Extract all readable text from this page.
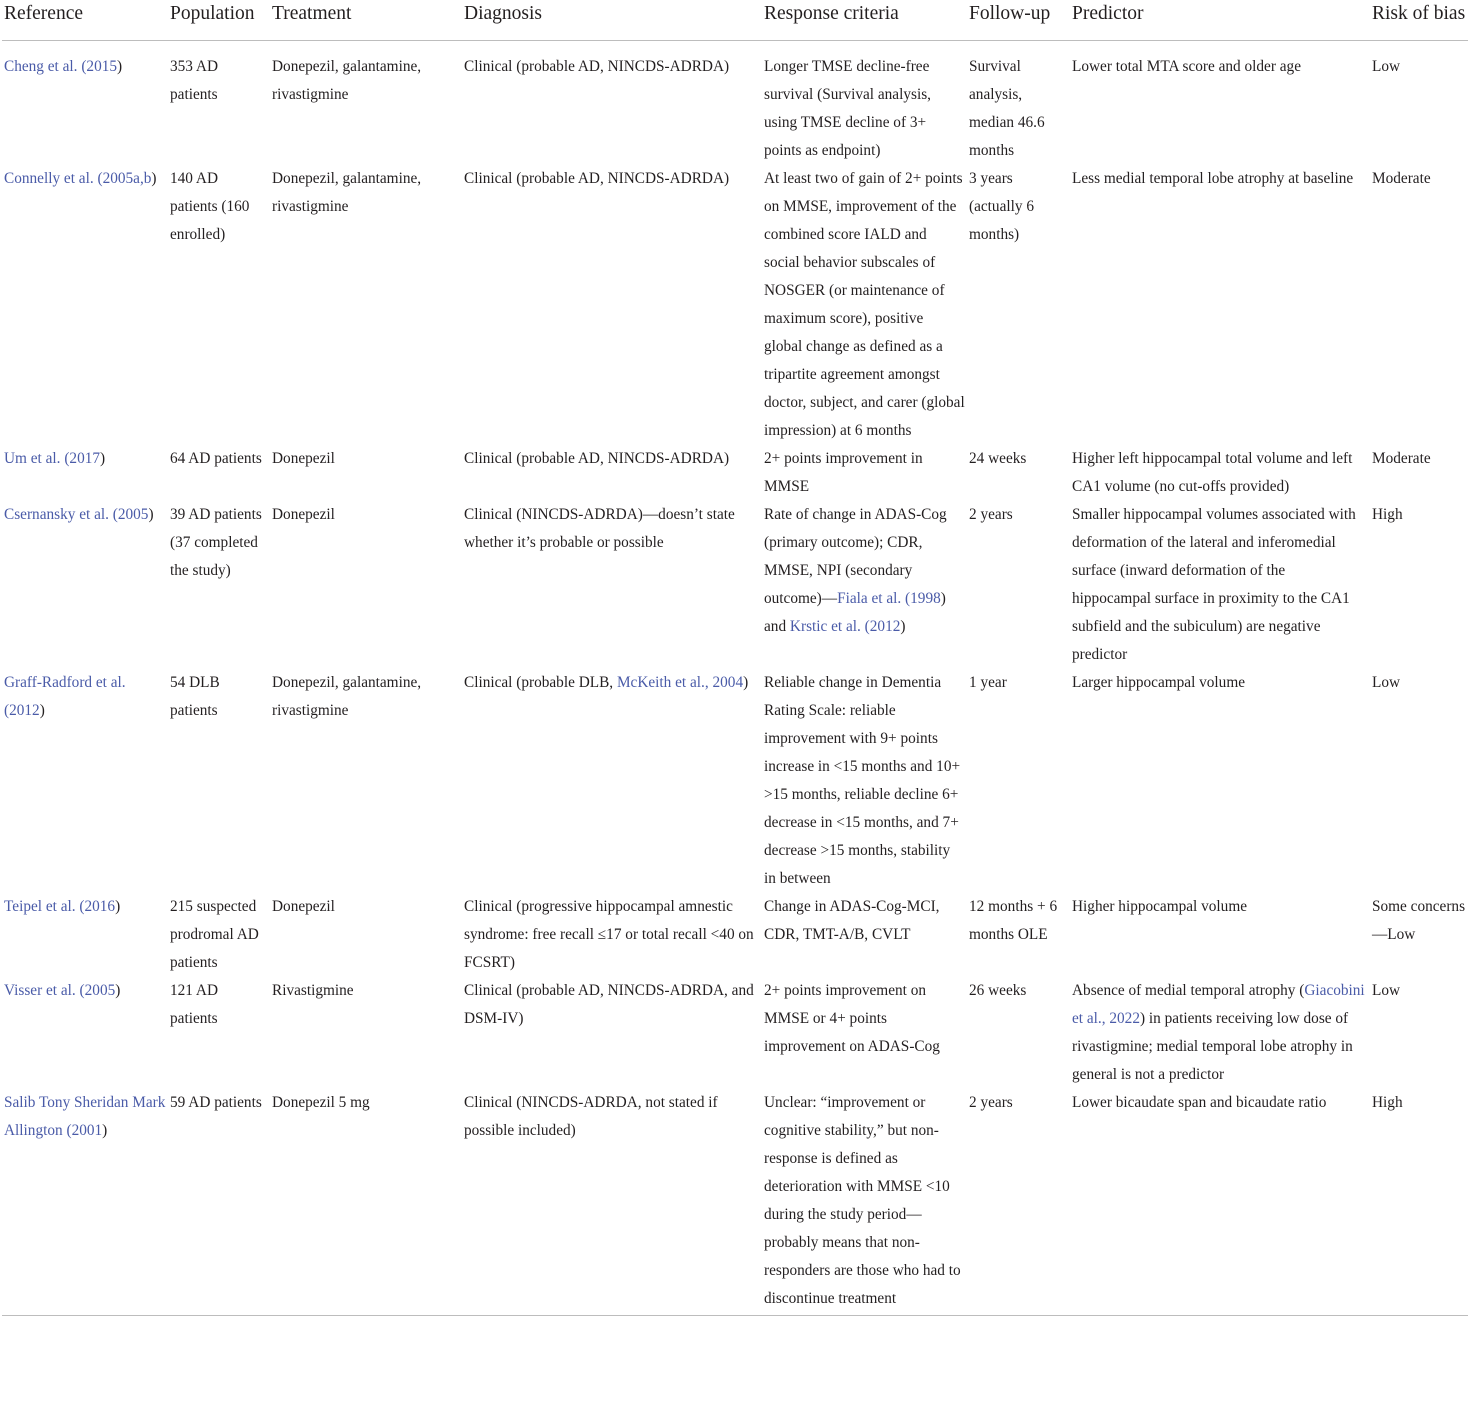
Reference	Population	Treatment	Diagnosis	Response criteria	Follow-up	Predictor	Risk of bias
Cheng et al. (2015)	353 AD patients	Donepezil, galantamine, rivastigmine	Clinical (probable AD, NINCDS-ADRDA)	Longer TMSE decline-free survival (Survival analysis, using TMSE decline of 3+ points as endpoint)	Survival analysis, median 46.6 months	Lower total MTA score and older age	Low
Connelly et al. (2005a,b)	140 AD patients (160 enrolled)	Donepezil, galantamine, rivastigmine	Clinical (probable AD, NINCDS-ADRDA)	At least two of gain of 2+ points on MMSE, improvement of the combined score IALD and social behavior subscales of NOSGER (or maintenance of maximum score), positive global change as defined as a tripartite agreement amongst doctor, subject, and carer (global impression) at 6 months	3 years (actually 6 months)	Less medial temporal lobe atrophy at baseline	Moderate
Um et al. (2017)	64 AD patients	Donepezil	Clinical (probable AD, NINCDS-ADRDA)	2+ points improvement in MMSE	24 weeks	Higher left hippocampal total volume and left CA1 volume (no cut-offs provided)	Moderate
Csernansky et al. (2005)	39 AD patients (37 completed the study)	Donepezil	Clinical (NINCDS-ADRDA)—doesn’t state whether it’s probable or possible	Rate of change in ADAS-Cog (primary outcome); CDR, MMSE, NPI (secondary outcome)—Fiala et al. (1998) and Krstic et al. (2012)	2 years	Smaller hippocampal volumes associated with deformation of the lateral and inferomedial surface (inward deformation of the hippocampal surface in proximity to the CA1 subfield and the subiculum) are negative predictor	High
Graff-Radford et al. (2012)	54 DLB patients	Donepezil, galantamine, rivastigmine	Clinical (probable DLB, McKeith et al., 2004)	Reliable change in Dementia Rating Scale: reliable improvement with 9+ points increase in <15 months and 10+ >15 months, reliable decline 6+ decrease in <15 months, and 7+ decrease >15 months, stability in between	1 year	Larger hippocampal volume	Low
Teipel et al. (2016)	215 suspected prodromal AD patients	Donepezil	Clinical (progressive hippocampal amnestic syndrome: free recall ≤17 or total recall <40 on FCSRT)	Change in ADAS-Cog-MCI, CDR, TMT-A/B, CVLT	12 months + 6 months OLE	Higher hippocampal volume	Some concerns—Low
Visser et al. (2005)	121 AD patients	Rivastigmine	Clinical (probable AD, NINCDS-ADRDA, and DSM-IV)	2+ points improvement on MMSE or 4+ points improvement on ADAS-Cog	26 weeks	Absence of medial temporal atrophy (Giacobini et al., 2022) in patients receiving low dose of rivastigmine; medial temporal lobe atrophy in general is not a predictor	Low
Salib Tony Sheridan Mark Allington (2001)	59 AD patients	Donepezil 5 mg	Clinical (NINCDS-ADRDA, not stated if possible included)	Unclear: “improvement or cognitive stability,” but non-response is defined as deterioration with MMSE <10 during the study period—probably means that non-responders are those who had to discontinue treatment	2 years	Lower bicaudate span and bicaudate ratio	High
